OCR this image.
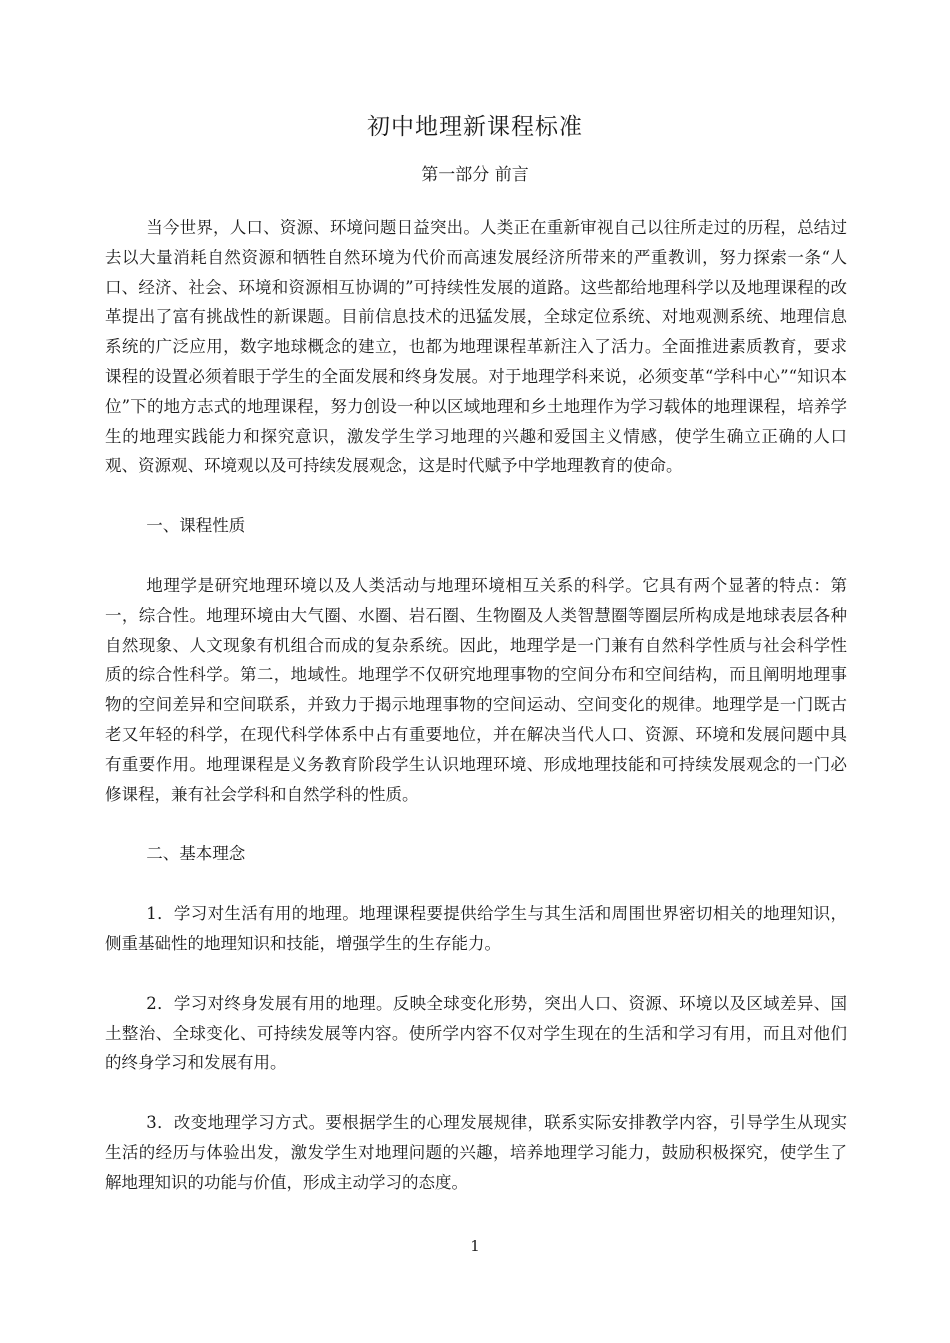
初中地理新课程标准
第一部分 前言

当今世界，人口、资源、环境问题日益突出。人类正在重新审视自己以往所走过的历程，总结过去以大量消耗自然资源和牺牲自然环境为代价而高速发展经济所带来的严重教训，努力探索一条“人口、经济、社会、环境和资源相互协调的”可持续性发展的道路。这些都给地理科学以及地理课程的改革提出了富有挑战性的新课题。目前信息技术的迅猛发展，全球定位系统、对地观测系统、地理信息系统的广泛应用，数字地球概念的建立，也都为地理课程革新注入了活力。全面推进素质教育，要求课程的设置必须着眼于学生的全面发展和终身发展。对于地理学科来说，必须变革“学科中心”“知识本位”下的地方志式的地理课程，努力创设一种以区域地理和乡土地理作为学习载体的地理课程，培养学生的地理实践能力和探究意识，激发学生学习地理的兴趣和爱国主义情感，使学生确立正确的人口观、资源观、环境观以及可持续发展观念，这是时代赋予中学地理教育的使命。

一、课程性质

地理学是研究地理环境以及人类活动与地理环境相互关系的科学。它具有两个显著的特点：第一，综合性。地理环境由大气圈、水圈、岩石圈、生物圈及人类智慧圈等圈层所构成是地球表层各种自然现象、人文现象有机组合而成的复杂系统。因此，地理学是一门兼有自然科学性质与社会科学性质的综合性科学。第二，地域性。地理学不仅研究地理事物的空间分布和空间结构，而且阐明地理事物的空间差异和空间联系，并致力于揭示地理事物的空间运动、空间变化的规律。地理学是一门既古老又年轻的科学，在现代科学体系中占有重要地位，并在解决当代人口、资源、环境和发展问题中具有重要作用。地理课程是义务教育阶段学生认识地理环境、形成地理技能和可持续发展观念的一门必修课程，兼有社会学科和自然学科的性质。

二、基本理念

1．学习对生活有用的地理。地理课程要提供给学生与其生活和周围世界密切相关的地理知识，侧重基础性的地理知识和技能，增强学生的生存能力。

2．学习对终身发展有用的地理。反映全球变化形势，突出人口、资源、环境以及区域差异、国土整治、全球变化、可持续发展等内容。使所学内容不仅对学生现在的生活和学习有用，而且对他们的终身学习和发展有用。

3．改变地理学习方式。要根据学生的心理发展规律，联系实际安排教学内容，引导学生从现实生活的经历与体验出发，激发学生对地理问题的兴趣，培养地理学习能力，鼓励积极探究，使学生了解地理知识的功能与价值，形成主动学习的态度。

1
